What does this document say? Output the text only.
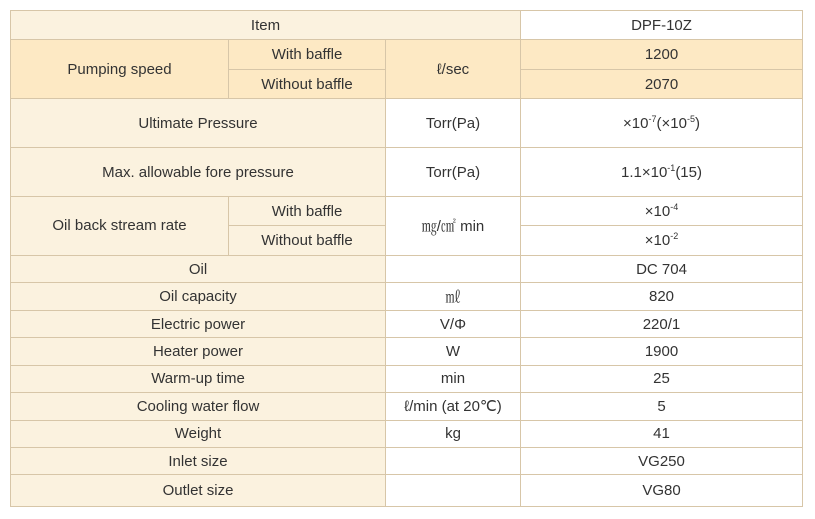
Item			DPF-10Z
Pumping speed	With baffle	ℓ/sec	1200
	Without baffle		2070
Ultimate Pressure		Torr(Pa)	$\times 10^{-7}(\times 10^{-5})$
Max. allowable fore pressure		Torr(Pa)	$1.1\times 10^{-1}(15)$
Oil back stream rate	With baffle	㎎/㎠ min	$\times 10^{-4}$
	Without baffle		$\times 10^{-2}$
Oil			DC 704
Oil capacity		㎖	820
Electric power		V/Φ	220/1
Heater power		W	1900
Warm-up time		min	25
Cooling water flow		ℓ/min (at 20℃)	5
Weight		kg	41
Inlet size			VG250
Outlet size			VG80
